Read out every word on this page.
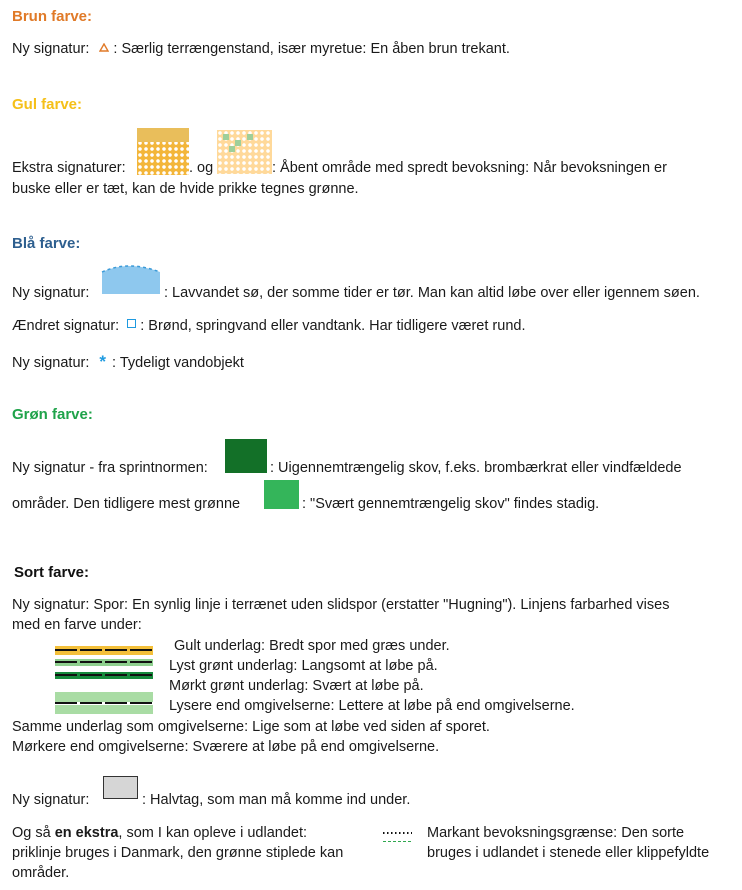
Brun farve:
Ny signatur: : Særlig terrængenstand, især myretue: En åben brun trekant.
Gul farve:
Ekstra signaturer:	. og	: Åbent område med spredt bevoksning: Når bevoksningen er
buske eller er tæt, kan de hvide prikke tegnes grønne.
Blå farve:
Ny signatur:	: Lavvandet sø, der somme tider er tør. Man kan altid løbe over eller igennem søen.
Ændret signatur: : Brønd, springvand eller vandtank. Har tidligere været rund.
Ny signatur: * : Tydeligt vandobjekt
Grøn farve:
Ny signatur - fra sprintnormen:	: Uigennemtrængelig skov, f.eks. brombærkrat eller vindfældede
områder. Den tidligere mest grønne	: "Svært gennemtrængelig skov" findes stadig.
Sort farve:
Ny signatur: Spor: En synlig linje i terrænet uden slidspor (erstatter "Hugning"). Linjens farbarhed vises
med en farve under:
Gult underlag: Bredt spor med græs under.
Lyst grønt underlag: Langsomt at løbe på.
Mørkt grønt underlag: Svært at løbe på.
Lysere end omgivelserne: Lettere at løbe på end omgivelserne.
Samme underlag som omgivelserne: Lige som at løbe ved siden af sporet.
Mørkere end omgivelserne: Sværere at løbe på end omgivelserne.
Ny signatur:	: Halvtag, som man må komme ind under.
Og så en ekstra, som I kan opleve i udlandet:
priklinje bruges i Danmark, den grønne stiplede kan
områder.
Markant bevoksningsgrænse: Den sorte
bruges i udlandet i stenede eller klippefyldte
